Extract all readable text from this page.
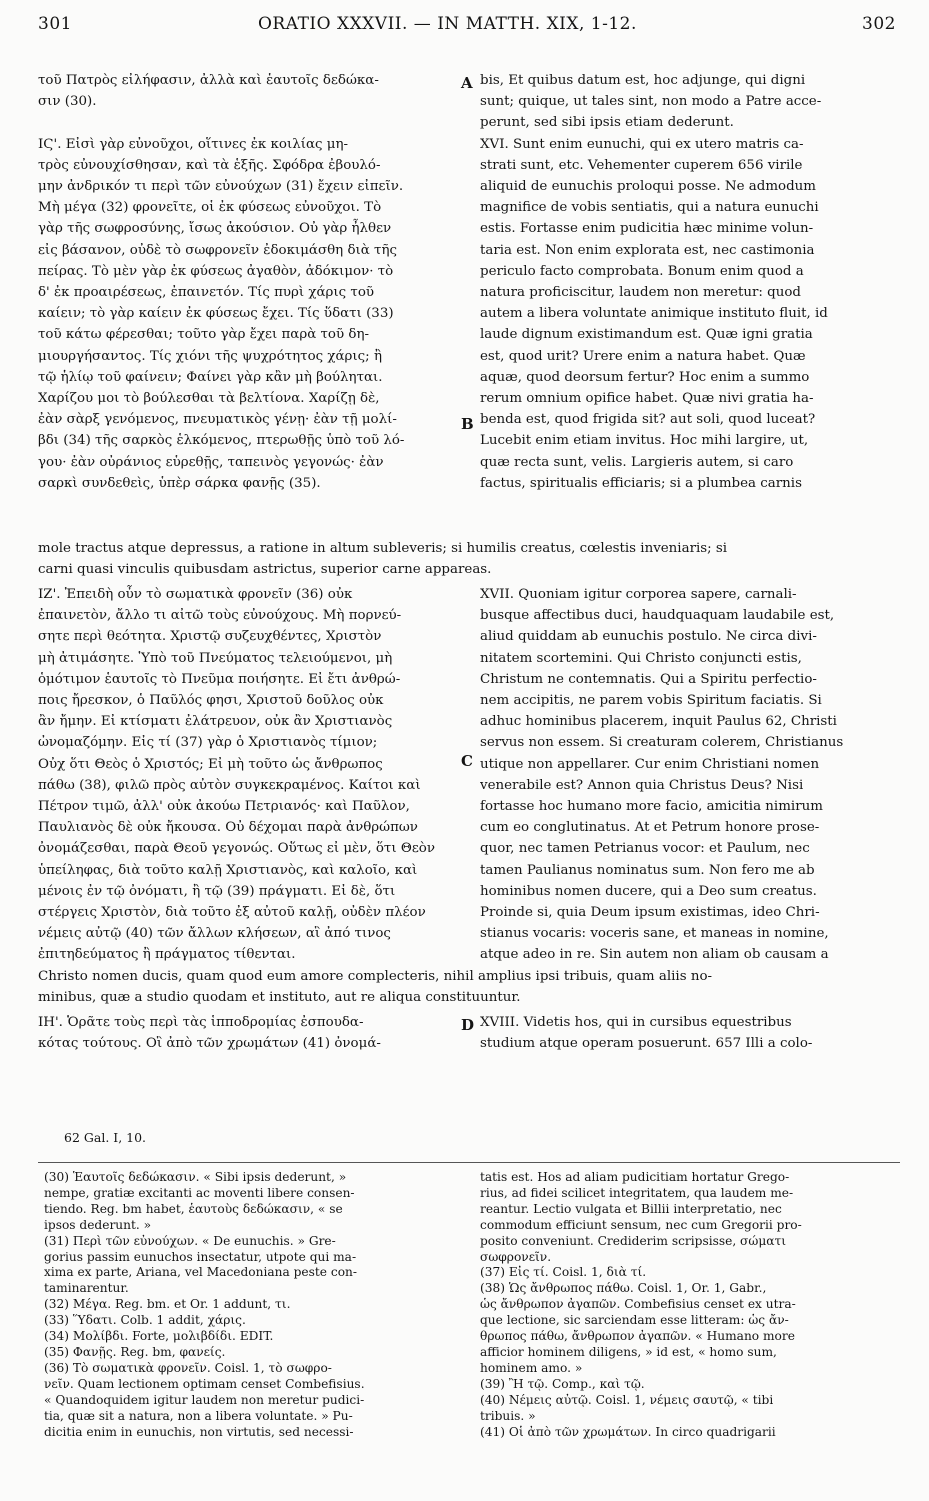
301	ORATIO XXXVII. — IN MATTH. XIX, 1-12.	302
τοῦ Πατρὸς εἰλήφασιν, ἀλλὰ καὶ ἑαυτοῖς δεδώκα-
σιν (30).

ΙϚ'. Εἰσὶ γὰρ εὐνοῦχοι, οἵτινες ἐκ κοιλίας μη-
τρὸς εὐνουχίσθησαν, καὶ τὰ ἑξῆς. Σφόδρα ἐβουλό-
μην ἀνδρικόν τι περὶ τῶν εὐνούχων (31) ἔχειν εἰπεῖν.
Μὴ μέγα (32) φρονεῖτε, οἱ ἐκ φύσεως εὐνοῦχοι. Τὸ
γὰρ τῆς σωφροσύνης, ἴσως ἀκούσιον. Οὐ γὰρ ἦλθεν
εἰς βάσανον, οὐδὲ τὸ σωφρονεῖν ἐδοκιμάσθη διὰ τῆς
πείρας. Τὸ μὲν γὰρ ἐκ φύσεως ἀγαθὸν, ἀδόκιμον· τὸ
δ' ἐκ προαιρέσεως, ἐπαινετόν. Τίς πυρὶ χάρις τοῦ
καίειν; τὸ γὰρ καίειν ἐκ φύσεως ἔχει. Τίς ὕδατι (33)
τοῦ κάτω φέρεσθαι; τοῦτο γὰρ ἔχει παρὰ τοῦ δη-
μιουργήσαντος. Τίς χιόνι τῆς ψυχρότητος χάρις; ἢ
τῷ ἡλίῳ τοῦ φαίνειν; Φαίνει γὰρ κἂν μὴ βούληται.
Χαρίζου μοι τὸ βούλεσθαι τὰ βελτίονα. Χαρίζῃ δὲ,
ἐὰν σὰρξ γενόμενος, πνευματικὸς γένῃ· ἐὰν τῇ μολί-
βδι (34) τῆς σαρκὸς ἑλκόμενος, πτερωθῇς ὑπὸ τοῦ λό-
γου· ἐὰν οὐράνιος εὑρεθῇς, ταπεινὸς γεγονώς· ἐὰν
σαρκὶ συνδεθεὶς, ὑπὲρ σάρκα φανῇς (35).
A bis, Et quibus datum est, hoc adjunge, qui digni
sunt; quique, ut tales sint, non modo a Patre acce-
perunt, sed sibi ipsis etiam dederunt.
XVI. Sunt enim eunuchi, qui ex utero matris ca-
strati sunt, etc. Vehementer cuperem 656 virile
aliquid de eunuchis proloqui posse. Ne admodum
magnifice de vobis sentiatis, qui a natura eunuchi
estis. Fortasse enim pudicitia hæc minime volun-
taria est. Non enim explorata est, nec castimonia
periculo facto comprobata. Bonum enim quod a
natura proficiscitur, laudem non meretur: quod
autem a libera voluntate animique instituto fluit, id
laude dignum existimandum est. Quæ igni gratia
est, quod urit? Urere enim a natura habet. Quæ
aquæ, quod deorsum fertur? Hoc enim a summo
rerum omnium opifice habet. Quæ nivi gratia ha-
benda est, quod frigida sit? aut soli, quod luceat?
Lucebit enim etiam invitus. Hoc mihi largire, ut,
quæ recta sunt, velis. Largieris autem, si caro
factus, spiritualis efficiaris; si a plumbea carnis
B
mole tractus atque depressus, a ratione in altum subleveris; si humilis creatus, cœlestis inveniaris; si
carni quasi vinculis quibusdam astrictus, superior carne appareas.
ΙΖ'. Ἐπειδὴ οὖν τὸ σωματικὰ φρονεῖν (36) οὐκ
ἐπαινετὸν, ἄλλο τι αἰτῶ τοὺς εὐνούχους. Μὴ πορνεύ-
σητε περὶ θεότητα. Χριστῷ συζευχθέντες, Χριστὸν
μὴ ἀτιμάσητε. Ὑπὸ τοῦ Πνεύματος τελειούμενοι, μὴ
ὁμότιμον ἑαυτοῖς τὸ Πνεῦμα ποιήσητε. Εἰ ἔτι ἀνθρώ-
ποις ἤρεσκον, ὁ Παῦλός φησι, Χριστοῦ δοῦλος οὐκ
ἂν ἤμην. Εἰ κτίσματι ἐλάτρευον, οὐκ ἂν Χριστιανὸς
ὠνομαζόμην. Εἰς τί (37) γὰρ ὁ Χριστιανὸς τίμιον;
Οὐχ ὅτι Θεὸς ὁ Χριστός; Εἰ μὴ τοῦτο ὡς ἄνθρωπος
πάθω (38), φιλῶ πρὸς αὐτὸν συγκεκραμένος. Καίτοι καὶ
Πέτρον τιμῶ, ἀλλ' οὐκ ἀκούω Πετριανός· καὶ Παῦλον,
Παυλιανὸς δὲ οὐκ ἤκουσα. Οὐ δέχομαι παρὰ ἀνθρώπων
ὀνομάζεσθαι, παρὰ Θεοῦ γεγονώς. Οὕτως εἰ μὲν, ὅτι Θεὸν
ὑπείληφας, διὰ τοῦτο καλῇ Χριστιανὸς, καὶ καλοῖο, καὶ
μένοις ἐν τῷ ὀνόματι, ἢ τῷ (39) πράγματι. Εἰ δὲ, ὅτι
στέργεις Χριστὸν, διὰ τοῦτο ἐξ αὐτοῦ καλῇ, οὐδὲν πλέον
νέμεις αὐτῷ (40) τῶν ἄλλων κλήσεων, αἳ ἀπό τινος
ἐπιτηδεύματος ἢ πράγματος τίθενται.
C
XVII. Quoniam igitur corporea sapere, carnali-
busque affectibus duci, haudquaquam laudabile est,
aliud quiddam ab eunuchis postulo. Ne circa divi-
nitatem scortemini. Qui Christo conjuncti estis,
Christum ne contemnatis. Qui a Spiritu perfectio-
nem accipitis, ne parem vobis Spiritum faciatis. Si
adhuc hominibus placerem, inquit Paulus 62, Christi
servus non essem. Si creaturam colerem, Christianus
utique non appellarer. Cur enim Christiani nomen
venerabile est? Annon quia Christus Deus? Nisi
fortasse hoc humano more facio, amicitia nimirum
cum eo conglutinatus. At et Petrum honore prose-
quor, nec tamen Petrianus vocor: et Paulum, nec
tamen Paulianus nominatus sum. Non fero me ab
hominibus nomen ducere, qui a Deo sum creatus.
Proinde si, quia Deum ipsum existimas, ideo Chri-
stianus vocaris: voceris sane, et maneas in nomine,
atque adeo in re. Sin autem non aliam ob causam a
Christo nomen ducis, quam quod eum amore complecteris, nihil amplius ipsi tribuis, quam aliis no-
minibus, quæ a studio quodam et instituto, aut re aliqua constituuntur.
ΙΗ'. Ὁρᾶτε τοὺς περὶ τὰς ἱπποδρομίας ἐσπουδα-
κότας τούτους. Οἳ ἀπὸ τῶν χρωμάτων (41) ὀνομά-
D XVIII. Videtis hos, qui in cursibus equestribus
studium atque operam posuerunt. 657 Illi a colo-
62 Gal. I, 10.
(30) Ἑαυτοῖς δεδώκασιν. « Sibi ipsis dederunt, »
nempe, gratiæ excitanti ac moventi libere consen-
tiendo. Reg. bm habet, ἑαυτοὺς δεδώκασιν, « se
ipsos dederunt. »
(31) Περὶ τῶν εὐνούχων. « De eunuchis. » Gre-
gorius passim eunuchos insectatur, utpote qui ma-
xima ex parte, Ariana, vel Macedoniana peste con-
taminarentur.
(32) Μέγα. Reg. bm. et Or. 1 addunt, τι.
(33) Ὕδατι. Colb. 1 addit, χάρις.
(34) Μολίβδι. Forte, μολιβδίδι. EDIT.
(35) Φανῇς. Reg. bm, φανείς.
(36) Τὸ σωματικὰ φρονεῖν. Coisl. 1, τὸ σωφρο-
νεῖν. Quam lectionem optimam censet Combefisius.
« Quandoquidem igitur laudem non meretur pudici-
tia, quæ sit a natura, non a libera voluntate. » Pu-
dicitia enim in eunuchis, non virtutis, sed necessi-
tatis est. Hos ad aliam pudicitiam hortatur Grego-
rius, ad fidei scilicet integritatem, qua laudem me-
reantur. Lectio vulgata et Billii interpretatio, nec
commodum efficiunt sensum, nec cum Gregorii pro-
posito conveniunt. Crediderim scripsisse, σώματι
σωφρονεῖν.
(37) Εἰς τί. Coisl. 1, διὰ τί.
(38) Ὡς ἄνθρωπος πάθω. Coisl. 1, Or. 1, Gabr.,
ὡς ἄνθρωπον ἀγαπῶν. Combefisius censet ex utra-
que lectione, sic sarciendam esse litteram: ὡς ἄν-
θρωπος πάθω, ἄνθρωπον ἀγαπῶν. « Humano more
afficior hominem diligens, » id est, « homo sum,
hominem amo. »
(39) Ἢ τῷ. Comp., καὶ τῷ.
(40) Νέμεις αὐτῷ. Coisl. 1, νέμεις σαυτῷ, « tibi
tribuis. »
(41) Οἱ ἀπὸ τῶν χρωμάτων. In circo quadrigarii
